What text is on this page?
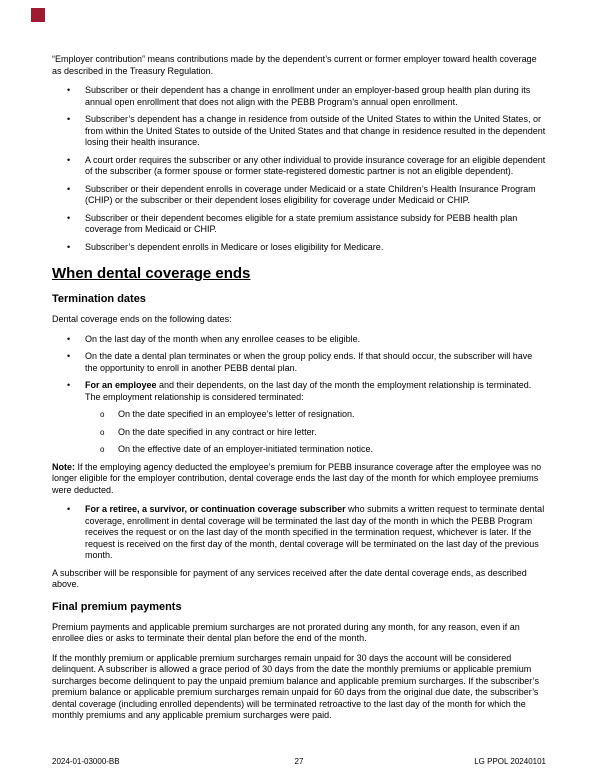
“Employer contribution” means contributions made by the dependent’s current or former employer toward health coverage as described in the Treasury Regulation.

•	Subscriber or their dependent has a change in enrollment under an employer-based group health plan during its annual open enrollment that does not align with the PEBB Program’s annual open enrollment.
•	Subscriber’s dependent has a change in residence from outside of the United States to within the United States, or from within the United States to outside of the United States and that change in residence resulted in the dependent losing their health insurance.
•	A court order requires the subscriber or any other individual to provide insurance coverage for an eligible dependent of the subscriber (a former spouse or former state-registered domestic partner is not an eligible dependent).
•	Subscriber or their dependent enrolls in coverage under Medicaid or a state Children’s Health Insurance Program (CHIP) or the subscriber or their dependent loses eligibility for coverage under Medicaid or CHIP.
•	Subscriber or their dependent becomes eligible for a state premium assistance subsidy for PEBB health plan coverage from Medicaid or CHIP.
•	Subscriber’s dependent enrolls in Medicare or loses eligibility for Medicare.
When dental coverage ends
Termination dates

Dental coverage ends on the following dates:

•	On the last day of the month when any enrollee ceases to be eligible.
•	On the date a dental plan terminates or when the group policy ends. If that should occur, the subscriber will have the opportunity to enroll in another PEBB dental plan.
•	For an employee and their dependents, on the last day of the month the employment relationship is terminated. The employment relationship is considered terminated:
o	On the date specified in an employee’s letter of resignation.
o	On the date specified in any contract or hire letter.
o	On the effective date of an employer-initiated termination notice.

Note: If the employing agency deducted the employee’s premium for PEBB insurance coverage after the employee was no longer eligible for the employer contribution, dental coverage ends the last day of the month for which employee premiums were deducted.

•	For a retiree, a survivor, or continuation coverage subscriber who submits a written request to terminate dental coverage, enrollment in dental coverage will be terminated the last day of the month in which the PEBB Program receives the request or on the last day of the month specified in the termination request, whichever is later. If the request is received on the first day of the month, dental coverage will be terminated on the last day of the previous month.

A subscriber will be responsible for payment of any services received after the date dental coverage ends, as described above.

Final premium payments

Premium payments and applicable premium surcharges are not prorated during any month, for any reason, even if an enrollee dies or asks to terminate their dental plan before the end of the month.

If the monthly premium or applicable premium surcharges remain unpaid for 30 days the account will be considered delinquent. A subscriber is allowed a grace period of 30 days from the date the monthly premiums or applicable premium surcharges become delinquent to pay the unpaid premium balance and applicable premium surcharges. If the subscriber’s premium balance or applicable premium surcharges remain unpaid for 60 days from the original due date, the subscriber’s dental coverage (including enrolled dependents) will be terminated retroactive to the last day of the month for which the monthly premiums and any applicable premium surcharges were paid.

2024-01-03000-BB	27	LG PPOL 20240101
